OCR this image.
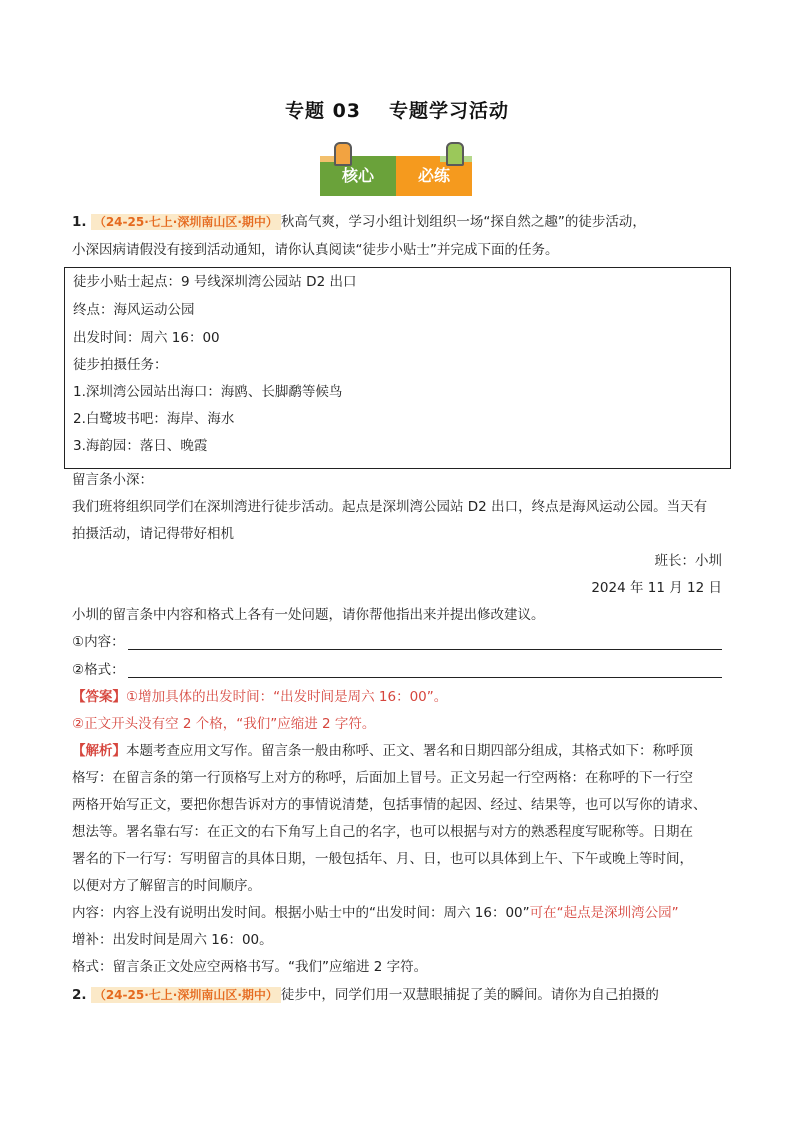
专题 03 专题学习活动
核心	必练
1. （24-25·七上·深圳南山区·期中） 秋高气爽，学习小组计划组织一场“探自然之趣”的徒步活动，
小深因病请假没有接到活动通知，请你认真阅读“徒步小贴士”并完成下面的任务。
徒步小贴士起点：9 号线深圳湾公园站 D2 出口
终点：海风运动公园
出发时间：周六 16：00
徒步拍摄任务：
1.深圳湾公园站出海口：海鸥、长脚鹬等候鸟
2.白鹭坡书吧：海岸、海水
3.海韵园：落日、晚霞
留言条小深：
我们班将组织同学们在深圳湾进行徒步活动。起点是深圳湾公园站 D2 出口，终点是海风运动公园。当天有
拍摄活动，请记得带好相机
班长：小圳
2024 年 11 月 12 日
小圳的留言条中内容和格式上各有一处问题，请你帮他指出来并提出修改建议。
①内容：
②格式：
【答案】①增加具体的出发时间：“出发时间是周六 16：00”。
②正文开头没有空 2 个格，“我们”应缩进 2 字符。
【解析】本题考查应用文写作。留言条一般由称呼、正文、署名和日期四部分组成，其格式如下：称呼顶
格写：在留言条的第一行顶格写上对方的称呼，后面加上冒号。正文另起一行空两格：在称呼的下一行空
两格开始写正文，要把你想告诉对方的事情说清楚，包括事情的起因、经过、结果等，也可以写你的请求、
想法等。署名靠右写：在正文的右下角写上自己的名字，也可以根据与对方的熟悉程度写昵称等。日期在
署名的下一行写：写明留言的具体日期，一般包括年、月、日，也可以具体到上午、下午或晚上等时间，
以便对方了解留言的时间顺序。
内容：内容上没有说明出发时间。根据小贴士中的“出发时间：周六 16：00”可在“起点是深圳湾公园”
增补：出发时间是周六 16：00。
格式：留言条正文处应空两格书写。“我们”应缩进 2 字符。
2. （24-25·七上·深圳南山区·期中） 徒步中，同学们用一双慧眼捕捉了美的瞬间。请你为自己拍摄的
